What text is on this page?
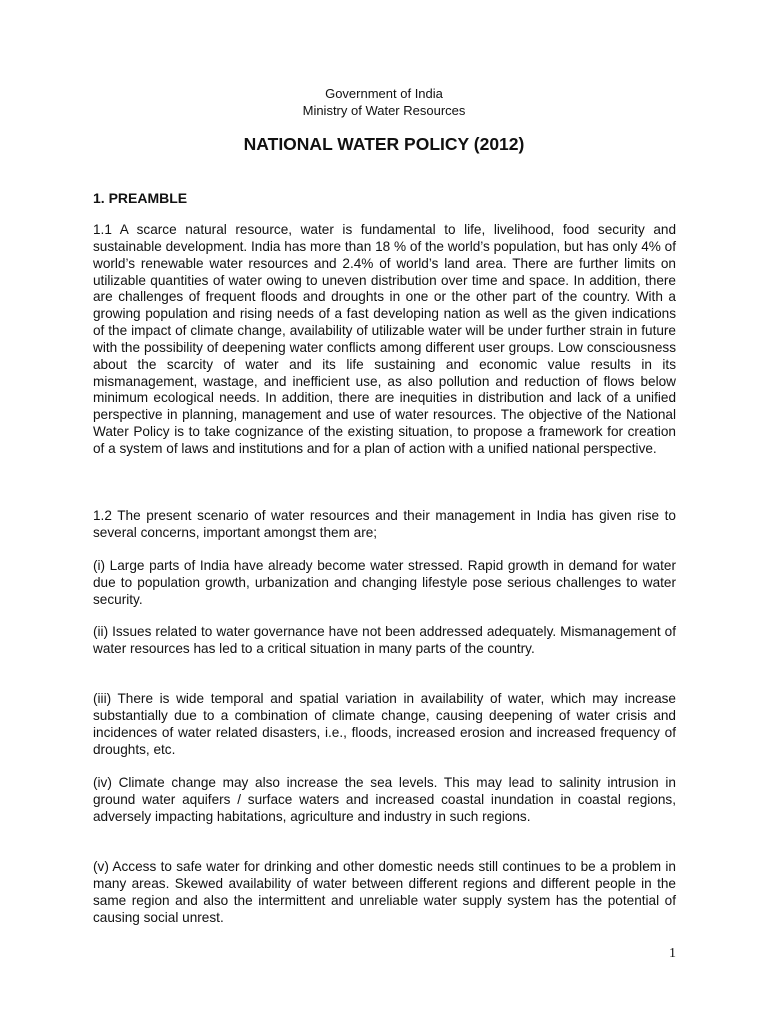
Government of India
Ministry of Water Resources
NATIONAL WATER POLICY (2012)
1. PREAMBLE

1.1 A scarce natural resource, water is fundamental to life, livelihood, food security and sustainable development. India has more than 18 % of the world’s population, but has only 4% of world’s renewable water resources and 2.4% of world’s land area. There are further limits on utilizable quantities of water owing to uneven distribution over time and space. In addition, there are challenges of frequent floods and droughts in one or the other part of the country. With a growing population and rising needs of a fast developing nation as well as the given indications of the impact of climate change, availability of utilizable water will be under further strain in future with the possibility of deepening water conflicts among different user groups. Low consciousness about the scarcity of water and its life sustaining and economic value results in its mismanagement, wastage, and inefficient use, as also pollution and reduction of flows below minimum ecological needs. In addition, there are inequities in distribution and lack of a unified perspective in planning, management and use of water resources. The objective of the National Water Policy is to take cognizance of the existing situation, to propose a framework for creation of a system of laws and institutions and for a plan of action with a unified national perspective.

1.2 The present scenario of water resources and their management in India has given rise to several concerns, important amongst them are;

(i) Large parts of India have already become water stressed. Rapid growth in demand for water due to population growth, urbanization and changing lifestyle pose serious challenges to water security.

(ii) Issues related to water governance have not been addressed adequately. Mismanagement of water resources has led to a critical situation in many parts of the country.

(iii) There is wide temporal and spatial variation in availability of water, which may increase substantially due to a combination of climate change, causing deepening of water crisis and incidences of water related disasters, i.e., floods, increased erosion and increased frequency of droughts, etc.

(iv) Climate change may also increase the sea levels. This may lead to salinity intrusion in ground water aquifers / surface waters and increased coastal inundation in coastal regions, adversely impacting habitations, agriculture and industry in such regions.

(v) Access to safe water for drinking and other domestic needs still continues to be a problem in many areas. Skewed availability of water between different regions and different people in the same region and also the intermittent and unreliable water supply system has the potential of causing social unrest.

1
